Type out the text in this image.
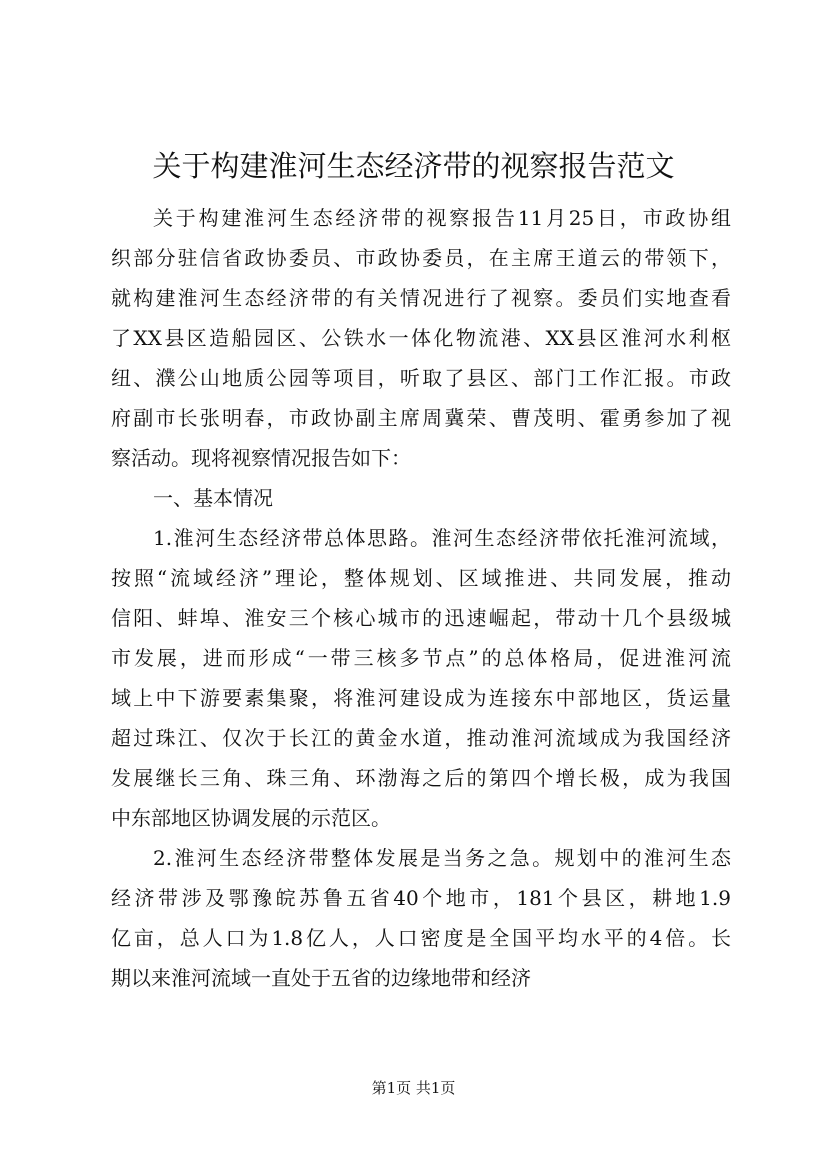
关于构建淮河生态经济带的视察报告范文
关于构建淮河生态经济带的视察报告11月25日，市政协组
织部分驻信省政协委员、市政协委员，在主席王道云的带领下，
就构建淮河生态经济带的有关情况进行了视察。委员们实地查看
了XX县区造船园区、公铁水一体化物流港、XX县区淮河水利枢
纽、濮公山地质公园等项目，听取了县区、部门工作汇报。市政
府副市长张明春，市政协副主席周冀荣、曹茂明、霍勇参加了视
察活动。现将视察情况报告如下：
一、基本情况
1.淮河生态经济带总体思路。淮河生态经济带依托淮河流域，
按照“流域经济”理论，整体规划、区域推进、共同发展，推动
信阳、蚌埠、淮安三个核心城市的迅速崛起，带动十几个县级城
市发展，进而形成“一带三核多节点”的总体格局，促进淮河流
域上中下游要素集聚，将淮河建设成为连接东中部地区，货运量
超过珠江、仅次于长江的黄金水道，推动淮河流域成为我国经济
发展继长三角、珠三角、环渤海之后的第四个增长极，成为我国
中东部地区协调发展的示范区。
2.淮河生态经济带整体发展是当务之急。规划中的淮河生态
经济带涉及鄂豫皖苏鲁五省40个地市，181个县区，耕地1.9
亿亩，总人口为1.8亿人，人口密度是全国平均水平的4倍。长
期以来淮河流域一直处于五省的边缘地带和经济
第1页 共1页
